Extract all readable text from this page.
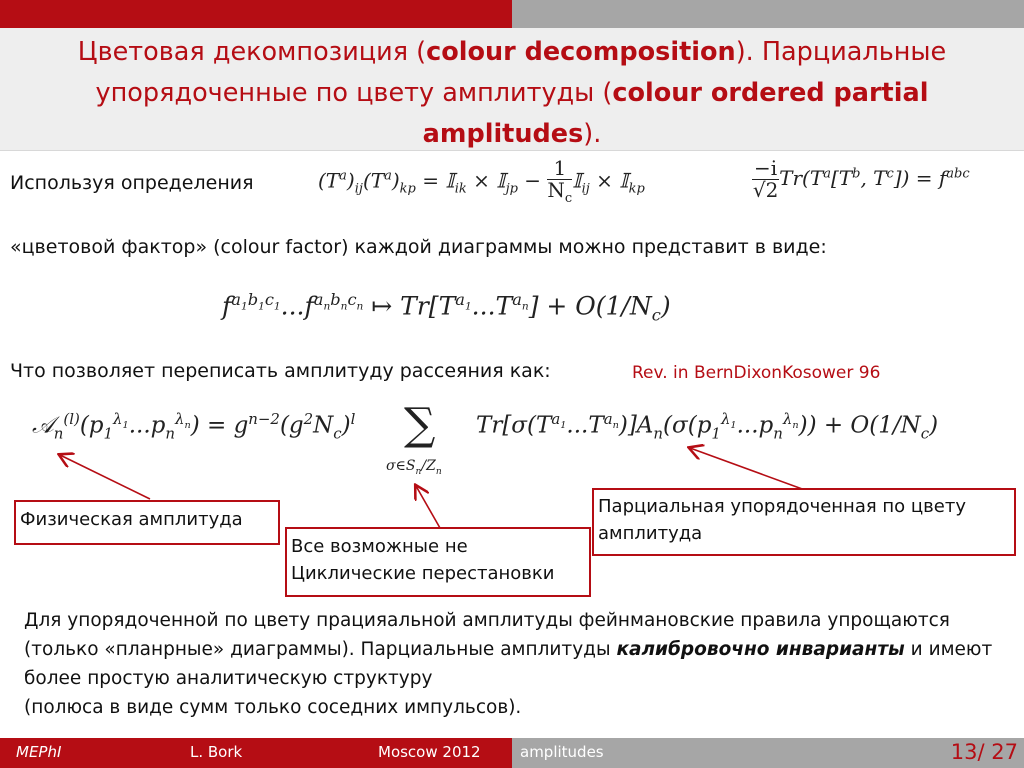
Цветовая декомпозиция (colour decomposition). Парциальные упорядоченные по цвету амплитуды (colour ordered partial amplitudes).
Используя определения	$(T^a)_{ij}(T^a)_{kp}$ = 𝕀$_{ik}$ × 𝕀$_{jp}$ − $\frac{1}{N_c}$ 𝕀$_{ij}$ × 𝕀$_{kp}$	$\frac{-i}{√2} Tr(T^a[T^b$, $T^c]) = f^{abc}$
«цветовой фактор» (colour factor) каждой диаграммы можно представит в виде:
$f^{a_1b_1c_1}...f^{a_nb_nc_n}$ ↦ $Tr[T^{a_1}...T^{a_n}] + O(1/N_c)$
Что позволяет переписать амплитуду рассеяния как:	Rev. in BernDixonKosower 96
$𝒜_n^{(l)}(p_1^{\lambda_1}...p_n^{\lambda_n}) = g^{n-2}(g^2N_c)^l$ ∑
$\sigma\in S_n/Z_n$
$Tr[\sigma(T^{a_1}...T^{a_n})]A_n(\sigma(p_1^{\lambda_1}...p_n^{\lambda_n})) + O(1/N_c)$
Физическая амплитуда
Все возможные не
Циклические перестановки
Парциальная упорядоченная по цвету амплитуда

Для упорядоченной по цвету працияальной амплитуды фейнмановские правила упрощаются (только «планрные» диаграммы). Парциальные амплитуды калибровочно инварианты и имеют более простую аналитическую структуру
(полюса в виде сумм только соседних импульсов).

MEPhI	L. Bork	Moscow 2012	amplitudes	13/ 27
